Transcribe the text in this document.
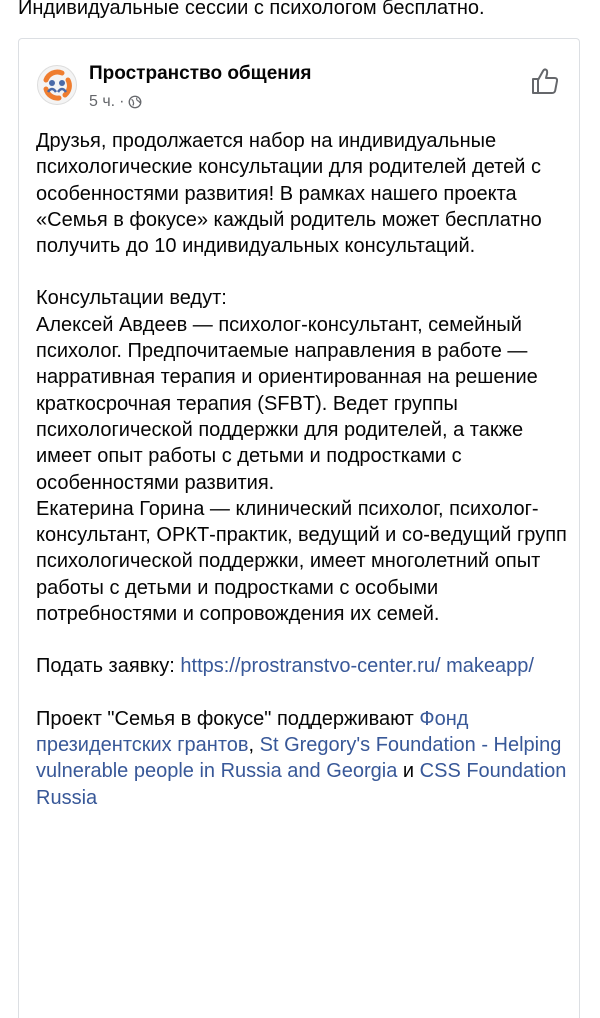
Индивидуальные сессии с психологом бесплатно.
Пространство общения
5 ч. ·

Друзья, продолжается набор на индивидуальные психологические консультации для родителей детей с особенностями развития! В рамках нашего проекта «Семья в фокусе» каждый родитель может бесплатно получить до 10 индивидуальных консультаций.

Консультации ведут:

Алексей Авдеев — психолог-консультант, семейный психолог. Предпочитаемые направления в работе — нарративная терапия и ориентированная на решение краткосрочная терапия (SFBT). Ведет группы психологической поддержки для родителей, а также имеет опыт работы с детьми и подростками с особенностями развития.

Екатерина Горина — клинический психолог, психолог-консультант, ОРКТ-практик, ведущий и со-ведущий групп психологической поддержки, имеет многолетний опыт работы с детьми и подростками с особыми потребностями и сопровождения их семей.

Подать заявку: https://prostranstvo-center.ru/ makeapp/

Проект "Семья в фокусе" поддерживают Фонд президентских грантов, St Gregory's Foundation - Helping vulnerable people in Russia and Georgia и CSS Foundation Russia
